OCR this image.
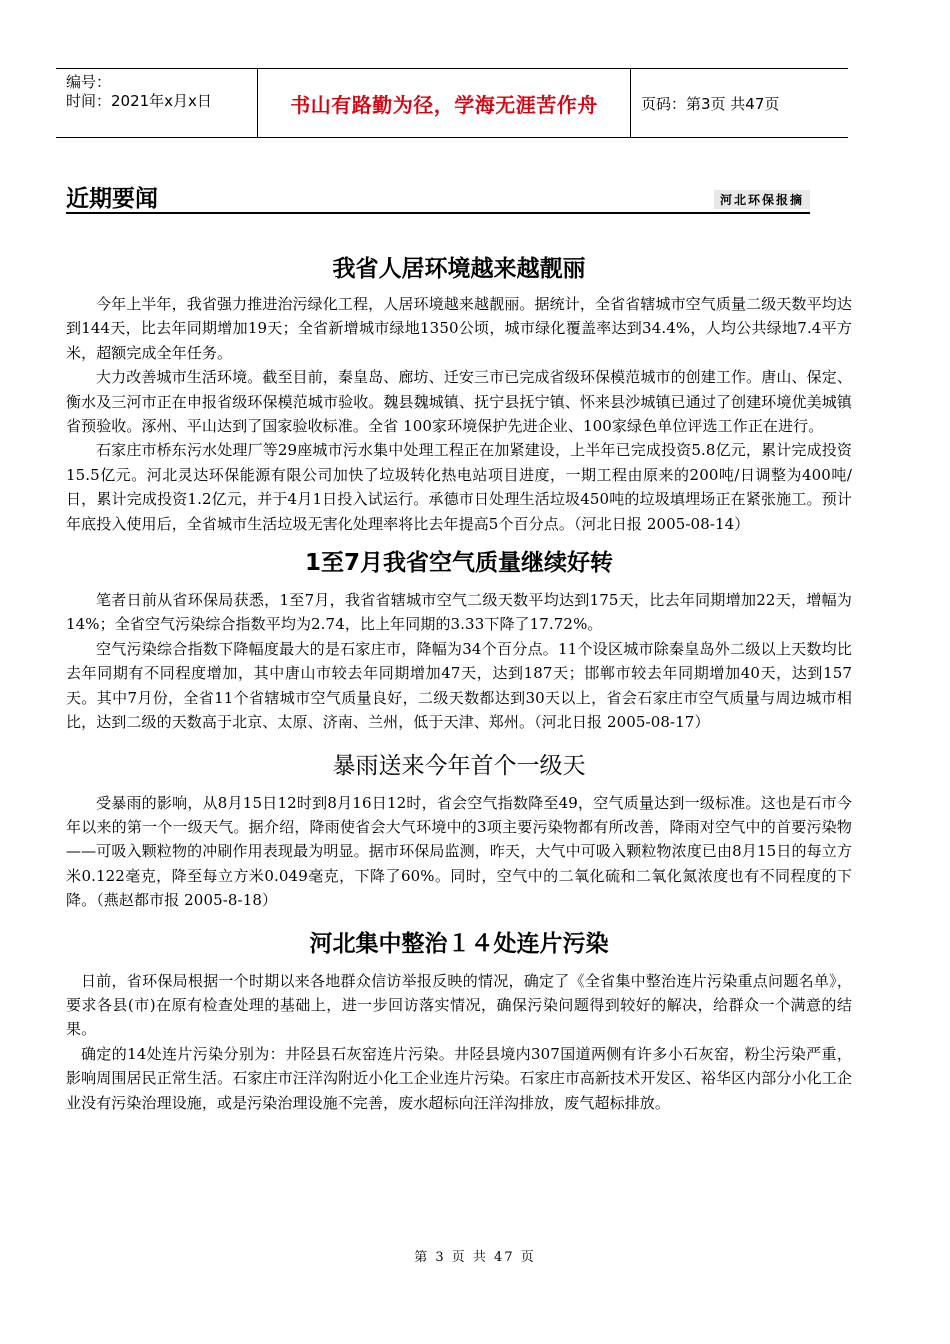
编号：
时间：2021年x月x日	书山有路勤为径，学海无涯苦作舟	页码：第3页 共47页
近期要闻	河北环保报摘
我省人居环境越来越靓丽

今年上半年，我省强力推进治污绿化工程，人居环境越来越靓丽。据统计，全省省辖城市空气质量二级天数平均达到144天，比去年同期增加19天；全省新增城市绿地1350公顷，城市绿化覆盖率达到34.4%，人均公共绿地7.4平方米，超额完成全年任务。

大力改善城市生活环境。截至目前，秦皇岛、廊坊、迁安三市已完成省级环保模范城市的创建工作。唐山、保定、衡水及三河市正在申报省级环保模范城市验收。魏县魏城镇、抚宁县抚宁镇、怀来县沙城镇已通过了创建环境优美城镇省预验收。涿州、平山达到了国家验收标准。全省 100家环境保护先进企业、100家绿色单位评选工作正在进行。

石家庄市桥东污水处理厂等29座城市污水集中处理工程正在加紧建设，上半年已完成投资5.8亿元，累计完成投资15.5亿元。河北灵达环保能源有限公司加快了垃圾转化热电站项目进度，一期工程由原来的200吨/日调整为400吨/日，累计完成投资1.2亿元，并于4月1日投入试运行。承德市日处理生活垃圾450吨的垃圾填埋场正在紧张施工。预计年底投入使用后，全省城市生活垃圾无害化处理率将比去年提高5个百分点。（河北日报 2005-08-14）

1至7月我省空气质量继续好转

笔者日前从省环保局获悉，1至7月，我省省辖城市空气二级天数平均达到175天，比去年同期增加22天，增幅为14%；全省空气污染综合指数平均为2.74，比上年同期的3.33下降了17.72%。

空气污染综合指数下降幅度最大的是石家庄市，降幅为34个百分点。11个设区城市除秦皇岛外二级以上天数均比去年同期有不同程度增加，其中唐山市较去年同期增加47天，达到187天；邯郸市较去年同期增加40天，达到157天。其中7月份，全省11个省辖城市空气质量良好，二级天数都达到30天以上，省会石家庄市空气质量与周边城市相比，达到二级的天数高于北京、太原、济南、兰州，低于天津、郑州。（河北日报 2005-08-17）

暴雨送来今年首个一级天

受暴雨的影响，从8月15日12时到8月16日12时，省会空气指数降至49，空气质量达到一级标准。这也是石市今年以来的第一个一级天气。据介绍，降雨使省会大气环境中的3项主要污染物都有所改善，降雨对空气中的首要污染物——可吸入颗粒物的冲刷作用表现最为明显。据市环保局监测，昨天，大气中可吸入颗粒物浓度已由8月15日的每立方米0.122毫克，降至每立方米0.049毫克，下降了60%。同时，空气中的二氧化硫和二氧化氮浓度也有不同程度的下降。（燕赵都市报 2005-8-18）

河北集中整治１４处连片污染

日前，省环保局根据一个时期以来各地群众信访举报反映的情况，确定了《全省集中整治连片污染重点问题名单》，要求各县(市)在原有检查处理的基础上，进一步回访落实情况，确保污染问题得到较好的解决，给群众一个满意的结果。

确定的14处连片污染分别为：井陉县石灰窑连片污染。井陉县境内307国道两侧有许多小石灰窑，粉尘污染严重，影响周围居民正常生活。石家庄市汪洋沟附近小化工企业连片污染。石家庄市高新技术开发区、裕华区内部分小化工企业没有污染治理设施，或是污染治理设施不完善，废水超标向汪洋沟排放，废气超标排放。

第 3 页 共 47 页
